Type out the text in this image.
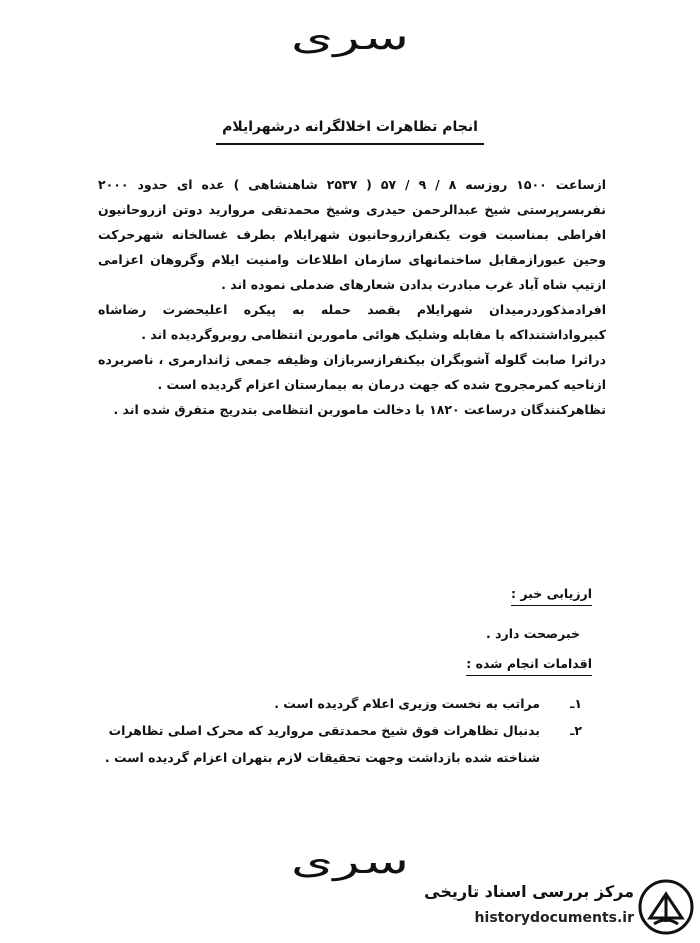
سری
انجام تظاهرات اخلالگرانه درشهرایلام

ازساعت ۱۵۰۰ روزسه ۸ / ۹ / ۵۷ ( ۲۵۳۷ شاهنشاهی ) عده ای حدود ۲۰۰۰ نفربسرپرستی شیخ عبدالرحمن حیدری وشیخ محمدتقی مروارید دوتن ازروحانیون افراطی بمناسبت فوت یکنفرازروحانیون شهرایلام بطرف غسالخانه شهرحرکت وحین عبورازمقابل ساختمانهای سازمان اطلاعات وامنیت ایلام وگروهان اعزامی ازتیپ شاه آباد غرب مبادرت بدادن شعارهای ضدملی نموده اند .

افرادمذکوردرمیدان شهرایلام بقصد حمله به پیکره اعلیحضرت رضاشاه کبیرواداشتنداکه با مقابله وشلیک هوائی ماموربن انتظامی روبروگردیده اند .

دراثرا صابت گلوله آشوبگران بیکنفرازسربازان وظیفه جمعی ژاندارمری ، ناصربرده ازناحیه کمرمجروح شده که جهت درمان به بیمارستان اعزام گردیده است .

تظاهرکنندگان درساعت ۱۸۲۰ با دخالت ماموربن انتظامی بتدریج متفرق شده اند .

ارزیابی خبر :
خبرصحت دارد .
اقدامات انجام شده :
۱ـ
مراتب به نخست وزیری اعلام گردیده است .
۲ـ
بدنبال تظاهرات فوق شیخ محمدتقی مروارید که محرک اصلی تظاهرات شناخته شده بازداشت وجهت تحقیقات لازم بتهران اعزام گردیده است .
سری
مرکز بررسی اسناد تاریخی
historydocuments.ir
